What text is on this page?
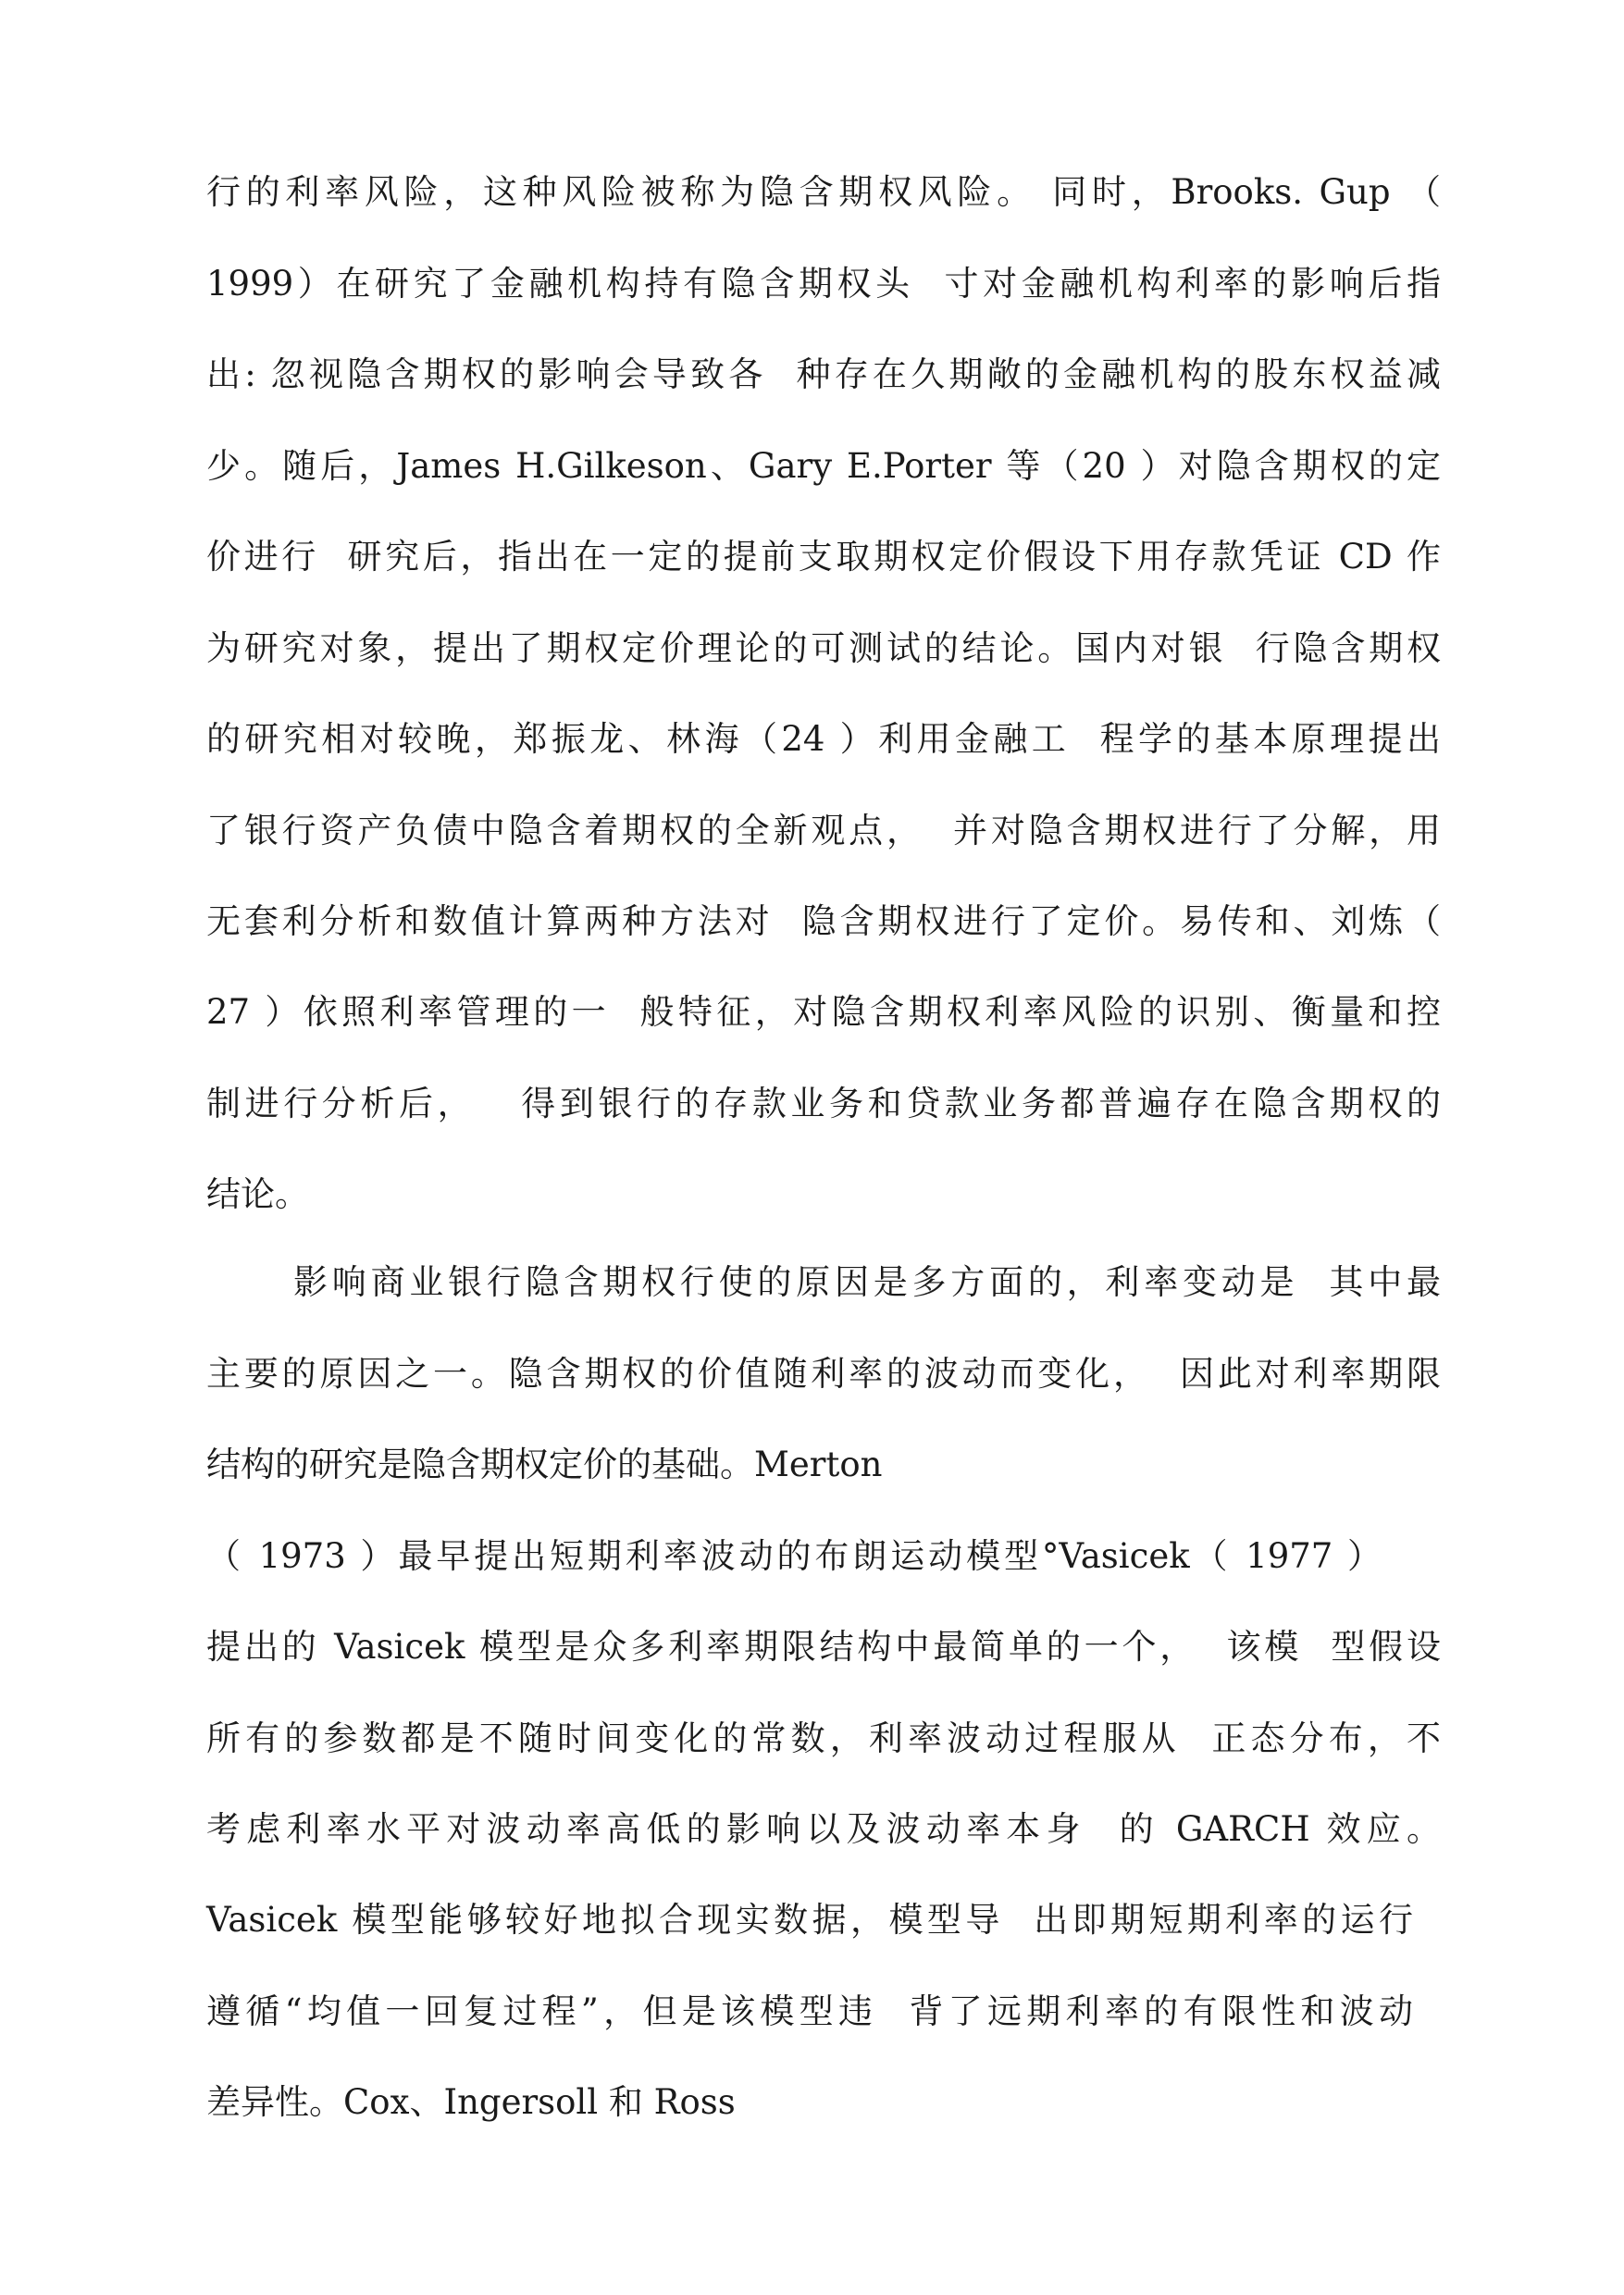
行的利率风险，这种风险被称为隐含期权风险。 同时，Brooks. Gup （

1999）在研究了金融机构持有隐含期权头  寸对金融机构利率的影响后指

出: 忽视隐含期权的影响会导致各  种存在久期敞的金融机构的股东权益减

少。随后，James H.Gilkeson、Gary E.Porter 等（20 ）对隐含期权的定

价进行  研究后，指出在一定的提前支取期权定价假设下用存款凭证 CD 作

为研究对象，提出了期权定价理论的可测试的结论。国内对银  行隐含期权

的研究相对较晚，郑振龙、林海（24 ）利用金融工  程学的基本原理提出

了银行资产负债中隐含着期权的全新观点，  并对隐含期权进行了分解，用

无套利分析和数值计算两种方法对  隐含期权进行了定价。易传和、刘炼（

27 ）依照利率管理的一  般特征，对隐含期权利率风险的识别、衡量和控

制进行分析后，   得到银行的存款业务和贷款业务都普遍存在隐含期权的

结论。

影响商业银行隐含期权行使的原因是多方面的，利率变动是  其中最

主要的原因之一。隐含期权的价值随利率的波动而变化，  因此对利率期限

结构的研究是隐含期权定价的基础。Merton

（ 1973 ）最早提出短期利率波动的布朗运动模型°Vasicek（ 1977 ）

提出的 Vasicek 模型是众多利率期限结构中最简单的一个，  该模  型假设

所有的参数都是不随时间变化的常数，利率波动过程服从  正态分布，不

考虑利率水平对波动率高低的影响以及波动率本身  的 GARCH 效应。

Vasicek 模型能够较好地拟合现实数据，模型导  出即期短期利率的运行

遵循“均值一回复过程”，但是该模型违  背了远期利率的有限性和波动

差异性。Cox、Ingersoll 和 Ross
